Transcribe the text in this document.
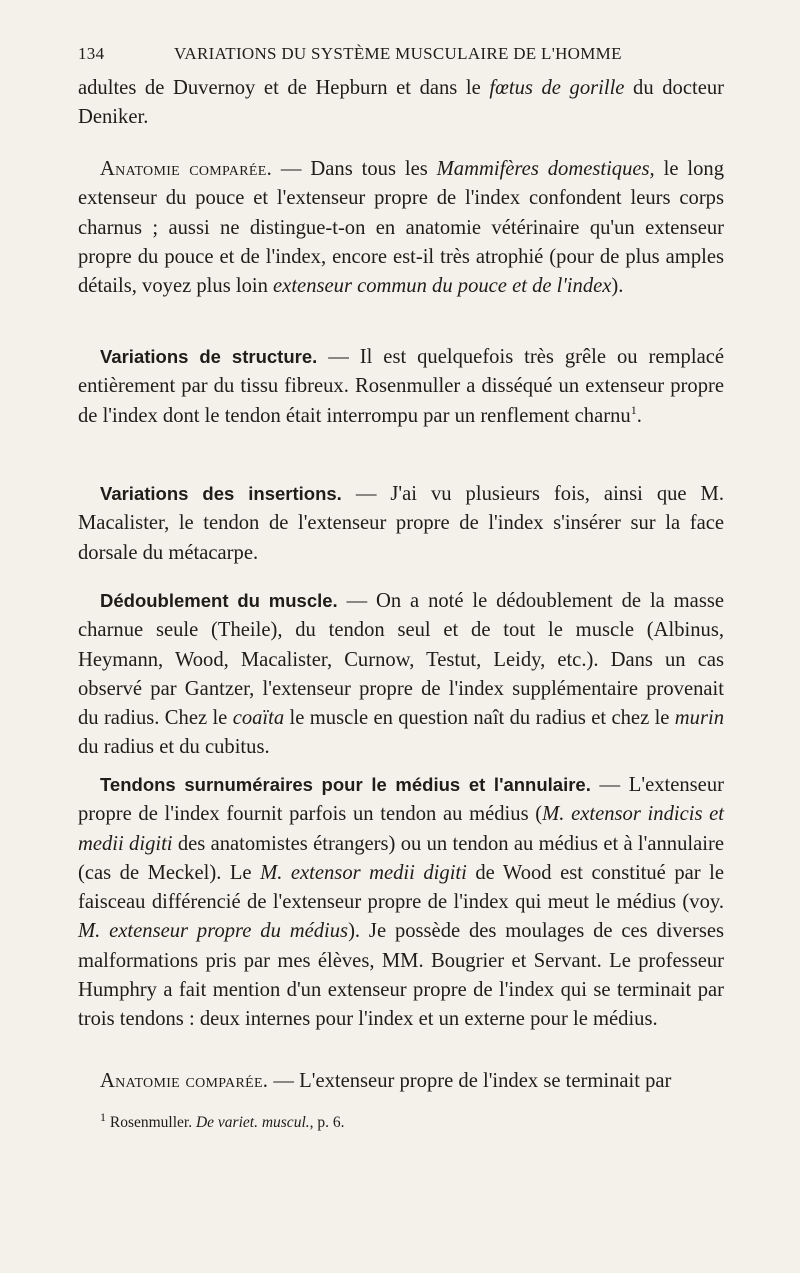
134	VARIATIONS DU SYSTÈME MUSCULAIRE DE L'HOMME

adultes de Duvernoy et de Hepburn et dans le fœtus de gorille du docteur Deniker.

Anatomie comparée. — Dans tous les Mammifères domestiques, le long extenseur du pouce et l'extenseur propre de l'index confondent leurs corps charnus ; aussi ne distingue-t-on en anatomie vétérinaire qu'un extenseur propre du pouce et de l'index, encore est-il très atrophié (pour de plus amples détails, voyez plus loin extenseur commun du pouce et de l'index).

Variations de structure. — Il est quelquefois très grêle ou remplacé entièrement par du tissu fibreux. Rosenmuller a disséqué un extenseur propre de l'index dont le tendon était interrompu par un renflement charnu$^1$.

Variations des insertions. — J'ai vu plusieurs fois, ainsi que M. Macalister, le tendon de l'extenseur propre de l'index s'insérer sur la face dorsale du métacarpe.

Dédoublement du muscle. — On a noté le dédoublement de la masse charnue seule (Theile), du tendon seul et de tout le muscle (Albinus, Heymann, Wood, Macalister, Curnow, Testut, Leidy, etc.). Dans un cas observé par Gantzer, l'extenseur propre de l'index supplémentaire provenait du radius. Chez le coaïta le muscle en question naît du radius et chez le murin du radius et du cubitus.

Tendons surnuméraires pour le médius et l'annulaire. — L'extenseur propre de l'index fournit parfois un tendon au médius (M. extensor indicis et medii digiti des anatomistes étrangers) ou un tendon au médius et à l'annulaire (cas de Meckel). Le M. extensor medii digiti de Wood est constitué par le faisceau différencié de l'extenseur propre de l'index qui meut le médius (voy. M. extenseur propre du médius). Je possède des moulages de ces diverses malformations pris par mes élèves, MM. Bougrier et Servant. Le professeur Humphry a fait mention d'un extenseur propre de l'index qui se terminait par trois tendons : deux internes pour l'index et un externe pour le médius.

Anatomie comparée. — L'extenseur propre de l'index se terminait par

$^1$ Rosenmuller. De variet. muscul., p. 6.
